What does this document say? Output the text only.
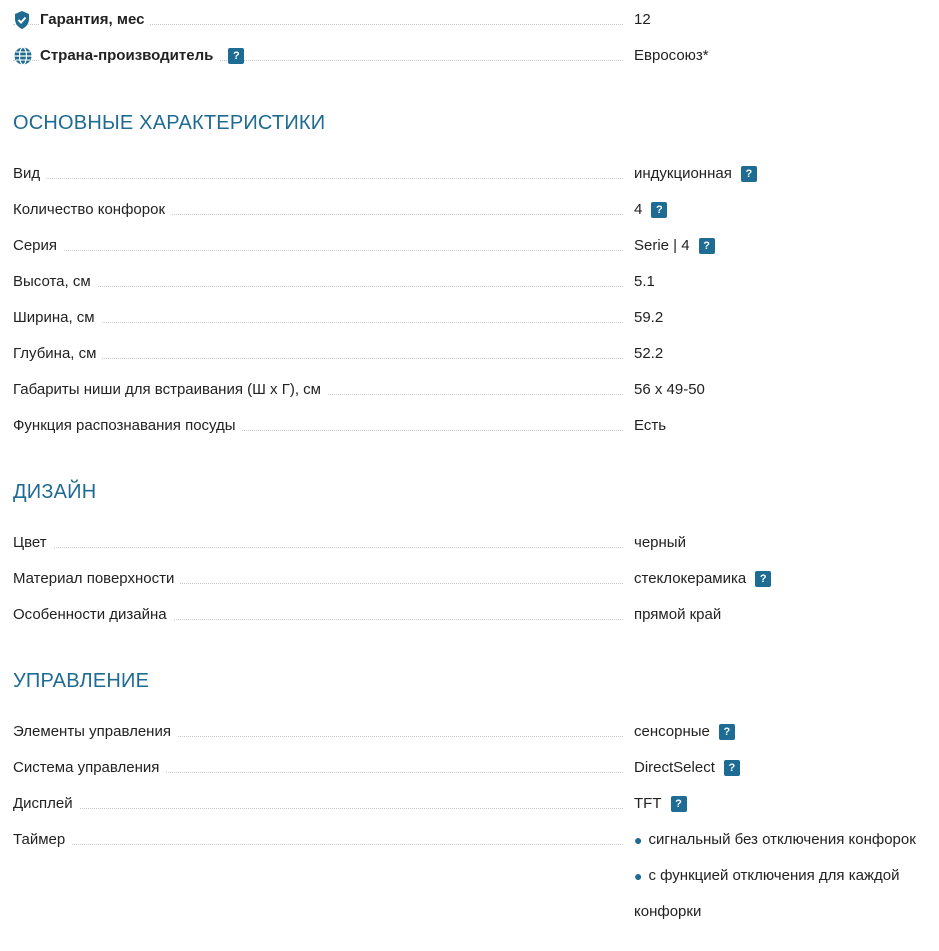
Гарантия, мес	12
Страна-производитель	?	Евросоюз*
ОСНОВНЫЕ ХАРАКТЕРИСТИКИ
Вид	индукционная	?
Количество конфорок	4	?
Серия	Serie | 4	?
Высота, см	5.1
Ширина, см	59.2
Глубина, см	52.2
Габариты ниши для встраивания (Ш x Г), см	56 x 49-50
Функция распознавания посуды	Есть
ДИЗАЙН
Цвет	черный
Материал поверхности	стеклокерамика	?
Особенности дизайна	прямой край
УПРАВЛЕНИЕ
Элементы управления	сенсорные	?
Система управления	DirectSelect	?
Дисплей	TFT	?
Таймер	● сигнальный без отключения конфорок
● с функцией отключения для каждой
конфорки
